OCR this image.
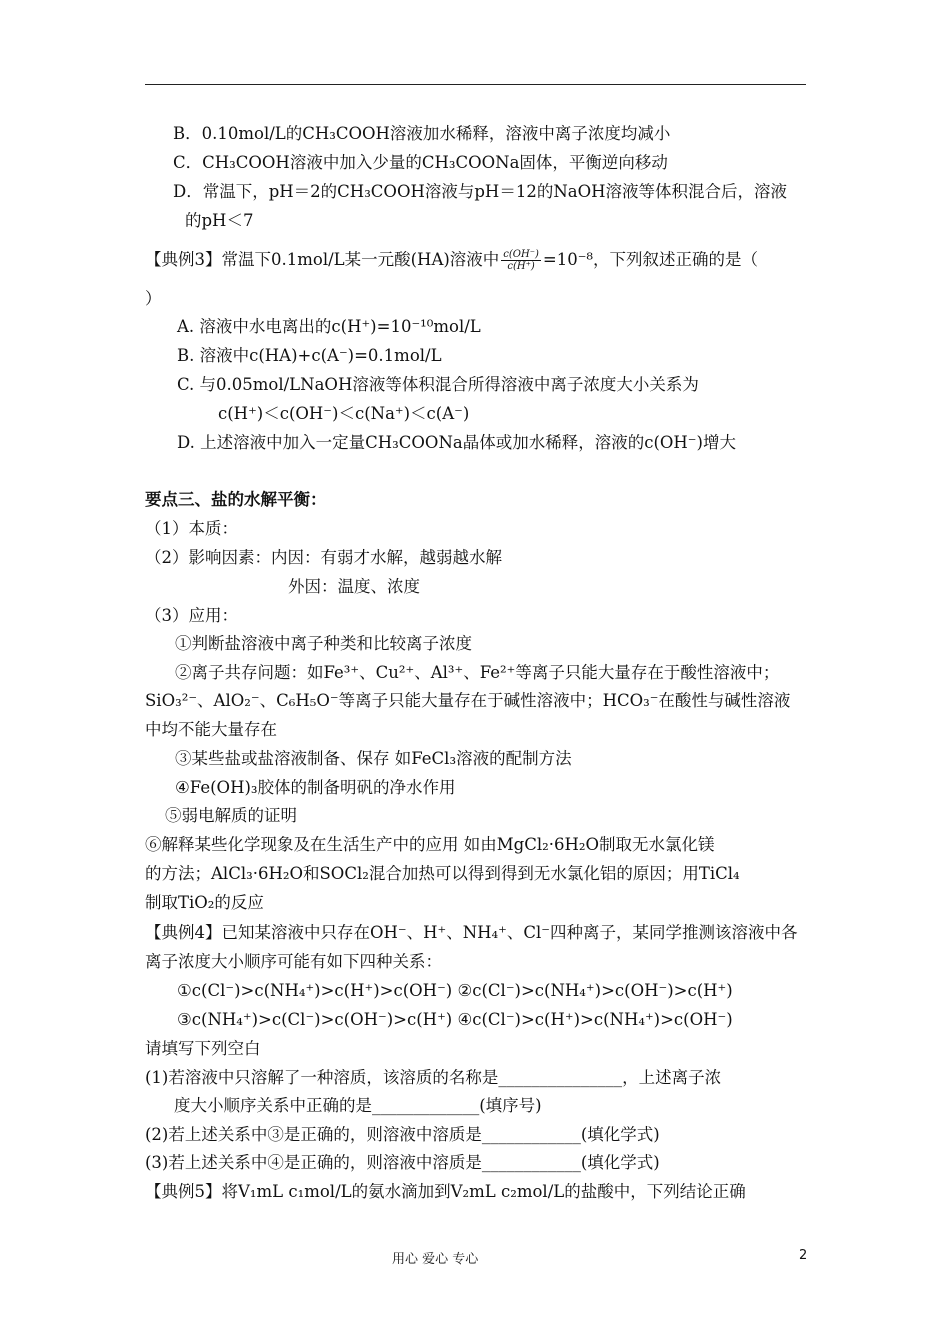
B．0.10mol/L的CH₃COOH溶液加水稀释，溶液中离子浓度均减小
C．CH₃COOH溶液中加入少量的CH₃COONa固体，平衡逆向移动
D．常温下，pH＝2的CH₃COOH溶液与pH＝12的NaOH溶液等体积混合后，溶液
的pH＜7
【典例3】常温下0.1mol/L某一元酸(HA)溶液中 $\frac{c(OH^-)}{c(H^+)} =10^{-8}$，下列叙述正确的是（
）
A. 溶液中水电离出的c(H⁺)=10⁻¹⁰mol/L
B. 溶液中c(HA)+c(A⁻)=0.1mol/L
C. 与0.05mol/LNaOH溶液等体积混合所得溶液中离子浓度大小关系为
c(H⁺)＜c(OH⁻)＜c(Na⁺)＜c(A⁻)
D. 上述溶液中加入一定量CH₃COONa晶体或加水稀释，溶液的c(OH⁻)增大
要点三、盐的水解平衡：
（1）本质：
（2）影响因素：内因：有弱才水解，越弱越水解
外因：温度、浓度
（3）应用：
①判断盐溶液中离子种类和比较离子浓度
②离子共存问题：如Fe³⁺、Cu²⁺、Al³⁺、Fe²⁺等离子只能大量存在于酸性溶液中；
SiO₃²⁻、AlO₂⁻、C₆H₅O⁻等离子只能大量存在于碱性溶液中；HCO₃⁻在酸性与碱性溶液
中均不能大量存在
③某些盐或盐溶液制备、保存 如FeCl₃溶液的配制方法
④Fe(OH)₃胶体的制备明矾的净水作用
⑤弱电解质的证明
⑥解释某些化学现象及在生活生产中的应用 如由MgCl₂·6H₂O制取无水氯化镁
的方法；AlCl₃·6H₂O和SOCl₂混合加热可以得到得到无水氯化铝的原因；用TiCl₄
制取TiO₂的反应
【典例4】已知某溶液中只存在OH⁻、H⁺、NH₄⁺、Cl⁻四种离子，某同学推测该溶液中各
离子浓度大小顺序可能有如下四种关系：
①c(Cl⁻)>c(NH₄⁺)>c(H⁺)>c(OH⁻) ②c(Cl⁻)>c(NH₄⁺)>c(OH⁻)>c(H⁺)
③c(NH₄⁺)>c(Cl⁻)>c(OH⁻)>c(H⁺) ④c(Cl⁻)>c(H⁺)>c(NH₄⁺)>c(OH⁻)
请填写下列空白
(1)若溶液中只溶解了一种溶质，该溶质的名称是_______________，上述离子浓
度大小顺序关系中正确的是_____________(填序号)
(2)若上述关系中③是正确的，则溶液中溶质是____________(填化学式)
(3)若上述关系中④是正确的，则溶液中溶质是____________(填化学式)
【典例5】将V₁mL c₁mol/L的氨水滴加到V₂mL c₂mol/L的盐酸中，下列结论正确
用心 爱心 专心	2
